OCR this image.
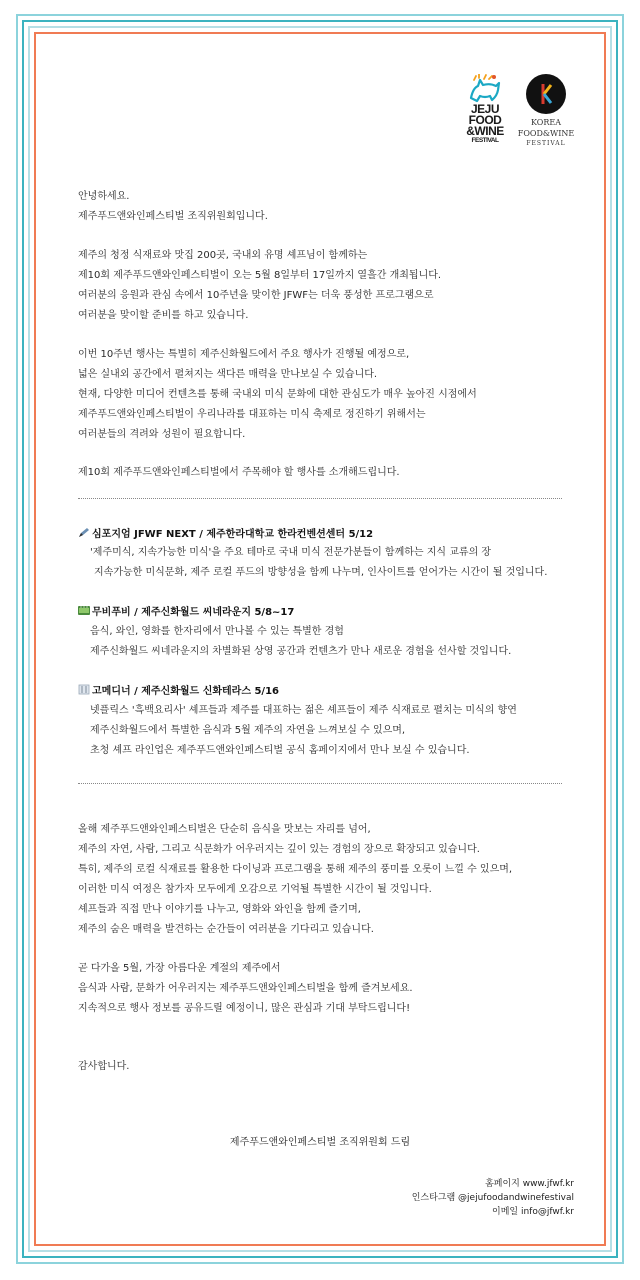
JEJU
FOOD
&WINE
FESTIVAL
KOREA
FOOD&WINE
FESTIVAL
안녕하세요.
제주푸드앤와인페스티벌 조직위원회입니다.
제주의 청정 식재료와 맛집 200곳, 국내외 유명 셰프님이 함께하는
제10회 제주푸드앤와인페스티벌이 오는 5월 8일부터 17일까지 열흘간 개최됩니다.
여러분의 응원과 관심 속에서 10주년을 맞이한 JFWF는 더욱 풍성한 프로그램으로
여러분을 맞이할 준비를 하고 있습니다.
이번 10주년 행사는 특별히 제주신화월드에서 주요 행사가 진행될 예정으로,
넓은 실내외 공간에서 펼쳐지는 색다른 매력을 만나보실 수 있습니다.
현재, 다양한 미디어 컨텐츠를 통해 국내외 미식 문화에 대한 관심도가 매우 높아진 시점에서
제주푸드앤와인페스티벌이 우리나라를 대표하는 미식 축제로 정진하기 위해서는
여러분들의 격려와 성원이 필요합니다.
제10회 제주푸드앤와인페스티벌에서 주목해야 할 행사를 소개해드립니다.
심포지엄 JFWF NEXT / 제주한라대학교 한라컨벤션센터 5/12
'제주미식, 지속가능한 미식'을 주요 테마로 국내 미식 전문가분들이 함께하는 지식 교류의 장
지속가능한 미식문화, 제주 로컬 푸드의 방향성을 함께 나누며, 인사이트를 얻어가는 시간이 될 것입니다.
무비푸비 / 제주신화월드 씨네라운지 5/8~17
음식, 와인, 영화를 한자리에서 만나볼 수 있는 특별한 경험
제주신화월드 씨네라운지의 차별화된 상영 공간과 컨텐츠가 만나 새로운 경험을 선사할 것입니다.
고메디너 / 제주신화월드 신화테라스 5/16
넷플릭스 '흑백요리사' 셰프들과 제주를 대표하는 젊은 셰프들이 제주 식재료로 펼치는 미식의 향연
제주신화월드에서 특별한 음식과 5월 제주의 자연을 느껴보실 수 있으며,
초청 셰프 라인업은 제주푸드앤와인페스티벌 공식 홈페이지에서 만나 보실 수 있습니다.
올해 제주푸드앤와인페스티벌은 단순히 음식을 맛보는 자리를 넘어,
제주의 자연, 사람, 그리고 식문화가 어우러지는 깊이 있는 경험의 장으로 확장되고 있습니다.
특히, 제주의 로컬 식재료를 활용한 다이닝과 프로그램을 통해 제주의 풍미를 오롯이 느낄 수 있으며,
이러한 미식 여정은 참가자 모두에게 오감으로 기억될 특별한 시간이 될 것입니다.
셰프들과 직접 만나 이야기를 나누고, 영화와 와인을 함께 즐기며,
제주의 숨은 매력을 발견하는 순간들이 여러분을 기다리고 있습니다.
곧 다가올 5월, 가장 아름다운 계절의 제주에서
음식과 사람, 문화가 어우러지는 제주푸드앤와인페스티벌을 함께 즐겨보세요.
지속적으로 행사 정보를 공유드릴 예정이니, 많은 관심과 기대 부탁드립니다!
감사합니다.
제주푸드앤와인페스티벌 조직위원회 드림
홈페이지 www.jfwf.kr
인스타그램 @jejufoodandwinefestival
이메일 info@jfwf.kr
